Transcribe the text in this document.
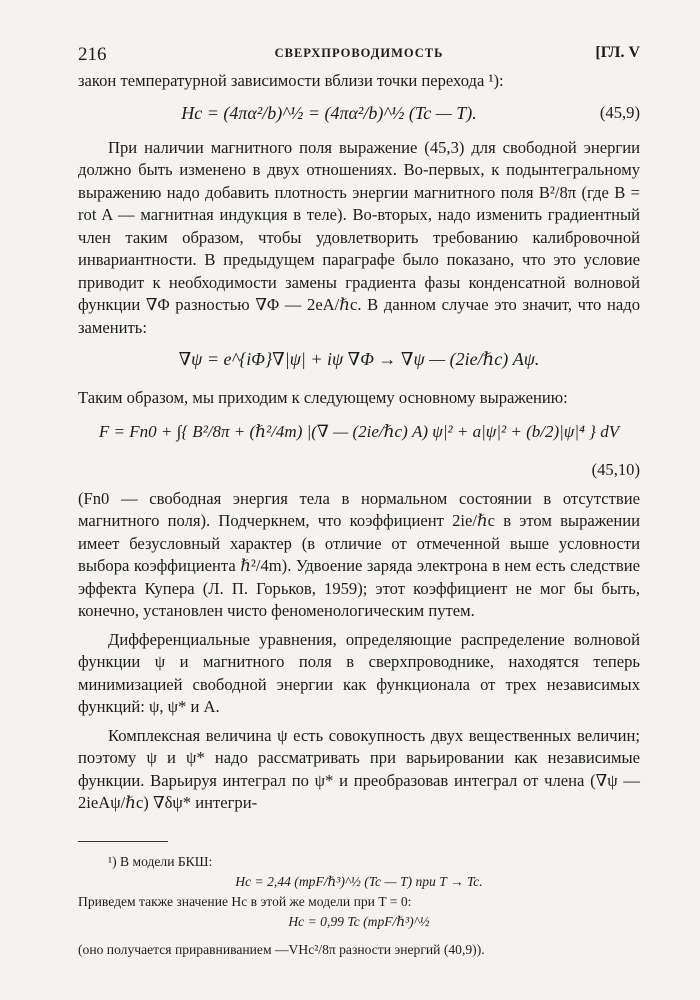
216	СВЕРХПРОВОДИМОСТЬ	[ГЛ. V

закон температурной зависимости вблизи точки перехода ¹):

Hc = (4πα²/b)^½ = (4πα²/b)^½ (Tc — T).	(45,9)

При наличии магнитного поля выражение (45,3) для свободной энергии должно быть изменено в двух отношениях. Во-первых, к подынтегральному выражению надо добавить плотность энергии магнитного поля B²/8π (где B = rot A — магнитная индукция в теле). Во-вторых, надо изменить градиентный член таким образом, чтобы удовлетворить требованию калибровочной инвариантности. В предыдущем параграфе было показано, что это условие приводит к необходимости замены градиента фазы конденсатной волновой функции ∇Φ разностью ∇Φ — 2eA/ℏc. В данном случае это значит, что надо заменить:

∇ψ = e^{iΦ}∇|ψ| + iψ ∇Φ → ∇ψ — (2ie/ℏc) Aψ.

Таким образом, мы приходим к следующему основному выражению:

F = Fn0 + ∫{ B²/8π + (ℏ²/4m) |(∇ — (2ie/ℏc) A) ψ|² + a|ψ|² + (b/2)|ψ|⁴ } dV
(45,10)

(Fn0 — свободная энергия тела в нормальном состоянии в отсутствие магнитного поля). Подчеркнем, что коэффициент 2ie/ℏc в этом выражении имеет безусловный характер (в отличие от отмеченной выше условности выбора коэффициента ℏ²/4m). Удвоение заряда электрона в нем есть следствие эффекта Купера (Л. П. Горьков, 1959); этот коэффициент не мог бы быть, конечно, установлен чисто феноменологическим путем.

Дифференциальные уравнения, определяющие распределение волновой функции ψ и магнитного поля в сверхпроводнике, находятся теперь минимизацией свободной энергии как функционала от трех независимых функций: ψ, ψ* и A.

Комплексная величина ψ есть совокупность двух вещественных величин; поэтому ψ и ψ* надо рассматривать при варьировании как независимые функции. Варьируя интеграл по ψ* и преобразовав интеграл от члена (∇ψ — 2ieAψ/ℏc) ∇δψ* интегри-

¹) В модели БКШ:
Hc = 2,44 (mpF/ℏ³)^½ (Tc — T) при T → Tc.
Приведем также значение Hc в этой же модели при T = 0:
Hc = 0,99 Tc (mpF/ℏ³)^½
(оно получается приравниванием —VHc²/8π разности энергий (40,9)).
